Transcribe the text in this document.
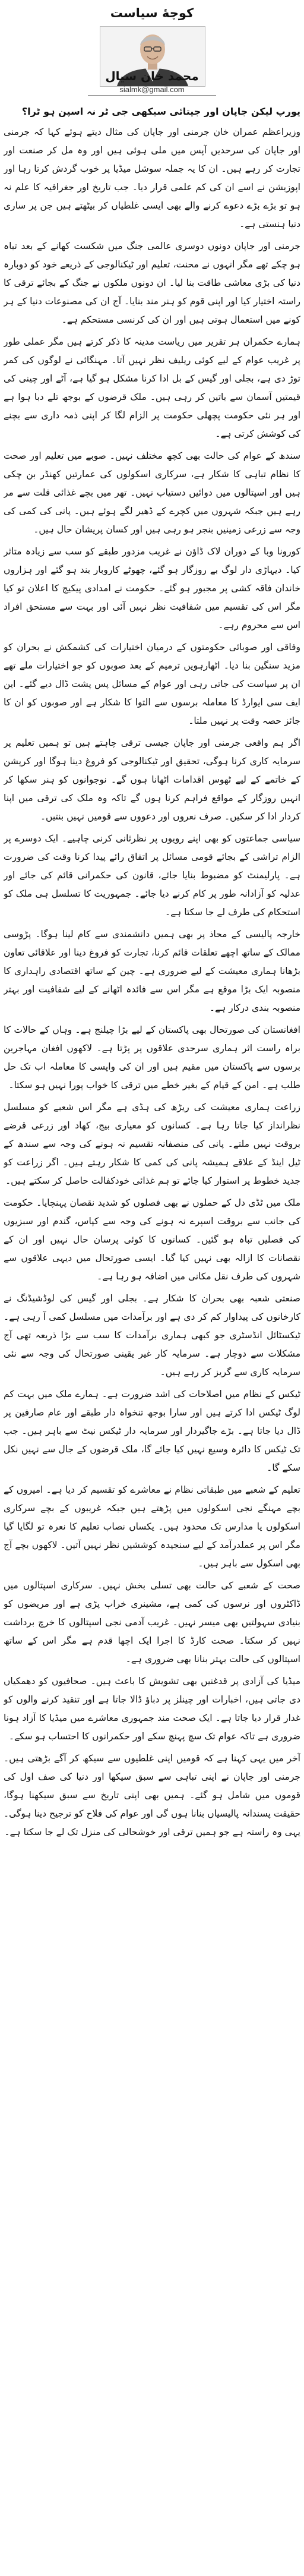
کوچۀ سیاست
محمد خان سیال
sialmk@gmail.com

یورپ لیکن جاپان اور جیتائی سیکھی جی ٹر نہ اسپن ہو ٹرا؟

وزیراعظم عمران خان جرمنی اور جاپان کی مثال دیتے ہوئے کہا کہ جرمنی اور جاپان کی سرحدیں آپس میں ملی ہوئی ہیں اور وہ مل کر صنعت اور تجارت کر رہے ہیں۔ ان کا یہ جملہ سوشل میڈیا پر خوب گردش کرتا رہا اور اپوزیشن نے اسے ان کی کم علمی قرار دیا۔ جب تاریخ اور جغرافیہ کا علم نہ ہو تو بڑے بڑے دعوے کرنے والے بھی ایسی غلطیاں کر بیٹھتے ہیں جن پر ساری دنیا ہنستی ہے۔

جرمنی اور جاپان دونوں دوسری عالمی جنگ میں شکست کھانے کے بعد تباہ ہو چکے تھے مگر انہوں نے محنت، تعلیم اور ٹیکنالوجی کے ذریعے خود کو دوبارہ دنیا کی بڑی معاشی طاقت بنا لیا۔ ان دونوں ملکوں نے جنگ کے بجائے ترقی کا راستہ اختیار کیا اور اپنی قوم کو ہنر مند بنایا۔ آج ان کی مصنوعات دنیا کے ہر کونے میں استعمال ہوتی ہیں اور ان کی کرنسی مستحکم ہے۔

ہمارے حکمران ہر تقریر میں ریاست مدینہ کا ذکر کرتے ہیں مگر عملی طور پر غریب عوام کے لیے کوئی ریلیف نظر نہیں آتا۔ مہنگائی نے لوگوں کی کمر توڑ دی ہے، بجلی اور گیس کے بل ادا کرنا مشکل ہو گیا ہے، آٹے اور چینی کی قیمتیں آسمان سے باتیں کر رہی ہیں۔ ملک قرضوں کے بوجھ تلے دبا ہوا ہے اور ہر نئی حکومت پچھلی حکومت پر الزام لگا کر اپنی ذمہ داری سے بچنے کی کوشش کرتی ہے۔

سندھ کے عوام کی حالت بھی کچھ مختلف نہیں۔ صوبے میں تعلیم اور صحت کا نظام تباہی کا شکار ہے، سرکاری اسکولوں کی عمارتیں کھنڈر بن چکی ہیں اور اسپتالوں میں دوائیں دستیاب نہیں۔ تھر میں بچے غذائی قلت سے مر رہے ہیں جبکہ شہروں میں کچرے کے ڈھیر لگے ہوئے ہیں۔ پانی کی کمی کی وجہ سے زرعی زمینیں بنجر ہو رہی ہیں اور کسان پریشان حال ہیں۔

کورونا وبا کے دوران لاک ڈاؤن نے غریب مزدور طبقے کو سب سے زیادہ متاثر کیا۔ دیہاڑی دار لوگ بے روزگار ہو گئے، چھوٹے کاروبار بند ہو گئے اور ہزاروں خاندان فاقہ کشی پر مجبور ہو گئے۔ حکومت نے امدادی پیکیج کا اعلان تو کیا مگر اس کی تقسیم میں شفافیت نظر نہیں آئی اور بہت سے مستحق افراد اس سے محروم رہے۔

وفاقی اور صوبائی حکومتوں کے درمیان اختیارات کی کشمکش نے بحران کو مزید سنگین بنا دیا۔ اٹھارہویں ترمیم کے بعد صوبوں کو جو اختیارات ملے تھے ان پر سیاست کی جاتی رہی اور عوام کے مسائل پس پشت ڈال دیے گئے۔ این ایف سی ایوارڈ کا معاملہ برسوں سے التوا کا شکار ہے اور صوبوں کو ان کا جائز حصہ وقت پر نہیں ملتا۔

اگر ہم واقعی جرمنی اور جاپان جیسی ترقی چاہتے ہیں تو ہمیں تعلیم پر سرمایہ کاری کرنا ہوگی، تحقیق اور ٹیکنالوجی کو فروغ دینا ہوگا اور کرپشن کے خاتمے کے لیے ٹھوس اقدامات اٹھانا ہوں گے۔ نوجوانوں کو ہنر سکھا کر انہیں روزگار کے مواقع فراہم کرنا ہوں گے تاکہ وہ ملک کی ترقی میں اپنا کردار ادا کر سکیں۔ صرف نعروں اور دعووں سے قومیں نہیں بنتیں۔

سیاسی جماعتوں کو بھی اپنے رویوں پر نظرثانی کرنی چاہیے۔ ایک دوسرے پر الزام تراشی کے بجائے قومی مسائل پر اتفاق رائے پیدا کرنا وقت کی ضرورت ہے۔ پارلیمنٹ کو مضبوط بنایا جائے، قانون کی حکمرانی قائم کی جائے اور عدلیہ کو آزادانہ طور پر کام کرنے دیا جائے۔ جمہوریت کا تسلسل ہی ملک کو استحکام کی طرف لے جا سکتا ہے۔

خارجہ پالیسی کے محاذ پر بھی ہمیں دانشمندی سے کام لینا ہوگا۔ پڑوسی ممالک کے ساتھ اچھے تعلقات قائم کرنا، تجارت کو فروغ دینا اور علاقائی تعاون بڑھانا ہماری معیشت کے لیے ضروری ہے۔ چین کے ساتھ اقتصادی راہداری کا منصوبہ ایک بڑا موقع ہے مگر اس سے فائدہ اٹھانے کے لیے شفافیت اور بہتر منصوبہ بندی درکار ہے۔

افغانستان کی صورتحال بھی پاکستان کے لیے بڑا چیلنج ہے۔ وہاں کے حالات کا براہ راست اثر ہماری سرحدی علاقوں پر پڑتا ہے۔ لاکھوں افغان مہاجرین برسوں سے پاکستان میں مقیم ہیں اور ان کی واپسی کا معاملہ اب تک حل طلب ہے۔ امن کے قیام کے بغیر خطے میں ترقی کا خواب پورا نہیں ہو سکتا۔

زراعت ہماری معیشت کی ریڑھ کی ہڈی ہے مگر اس شعبے کو مسلسل نظرانداز کیا جاتا رہا ہے۔ کسانوں کو معیاری بیج، کھاد اور زرعی قرضے بروقت نہیں ملتے۔ پانی کی منصفانہ تقسیم نہ ہونے کی وجہ سے سندھ کے ٹیل اینڈ کے علاقے ہمیشہ پانی کی کمی کا شکار رہتے ہیں۔ اگر زراعت کو جدید خطوط پر استوار کیا جائے تو ہم غذائی خودکفالت حاصل کر سکتے ہیں۔

ملک میں ٹڈی دل کے حملوں نے بھی فصلوں کو شدید نقصان پہنچایا۔ حکومت کی جانب سے بروقت اسپرے نہ ہونے کی وجہ سے کپاس، گندم اور سبزیوں کی فصلیں تباہ ہو گئیں۔ کسانوں کا کوئی پرسان حال نہیں اور ان کے نقصانات کا ازالہ بھی نہیں کیا گیا۔ ایسی صورتحال میں دیہی علاقوں سے شہروں کی طرف نقل مکانی میں اضافہ ہو رہا ہے۔

صنعتی شعبہ بھی بحران کا شکار ہے۔ بجلی اور گیس کی لوڈشیڈنگ نے کارخانوں کی پیداوار کم کر دی ہے اور برآمدات میں مسلسل کمی آ رہی ہے۔ ٹیکسٹائل انڈسٹری جو کبھی ہماری برآمدات کا سب سے بڑا ذریعہ تھی آج مشکلات سے دوچار ہے۔ سرمایہ کار غیر یقینی صورتحال کی وجہ سے نئی سرمایہ کاری سے گریز کر رہے ہیں۔

ٹیکس کے نظام میں اصلاحات کی اشد ضرورت ہے۔ ہمارے ملک میں بہت کم لوگ ٹیکس ادا کرتے ہیں اور سارا بوجھ تنخواہ دار طبقے اور عام صارفین پر ڈال دیا جاتا ہے۔ بڑے جاگیردار اور سرمایہ دار ٹیکس نیٹ سے باہر ہیں۔ جب تک ٹیکس کا دائرہ وسیع نہیں کیا جائے گا، ملک قرضوں کے جال سے نہیں نکل سکے گا۔

تعلیم کے شعبے میں طبقاتی نظام نے معاشرے کو تقسیم کر دیا ہے۔ امیروں کے بچے مہنگے نجی اسکولوں میں پڑھتے ہیں جبکہ غریبوں کے بچے سرکاری اسکولوں یا مدارس تک محدود ہیں۔ یکساں نصاب تعلیم کا نعرہ تو لگایا گیا مگر اس پر عملدرآمد کے لیے سنجیدہ کوششیں نظر نہیں آتیں۔ لاکھوں بچے آج بھی اسکول سے باہر ہیں۔

صحت کے شعبے کی حالت بھی تسلی بخش نہیں۔ سرکاری اسپتالوں میں ڈاکٹروں اور نرسوں کی کمی ہے، مشینری خراب پڑی ہے اور مریضوں کو بنیادی سہولتیں بھی میسر نہیں۔ غریب آدمی نجی اسپتالوں کا خرچ برداشت نہیں کر سکتا۔ صحت کارڈ کا اجرا ایک اچھا قدم ہے مگر اس کے ساتھ اسپتالوں کی حالت بہتر بنانا بھی ضروری ہے۔

میڈیا کی آزادی پر قدغنیں بھی تشویش کا باعث ہیں۔ صحافیوں کو دھمکیاں دی جاتی ہیں، اخبارات اور چینلز پر دباؤ ڈالا جاتا ہے اور تنقید کرنے والوں کو غدار قرار دیا جاتا ہے۔ ایک صحت مند جمہوری معاشرے میں میڈیا کا آزاد ہونا ضروری ہے تاکہ عوام تک سچ پہنچ سکے اور حکمرانوں کا احتساب ہو سکے۔

آخر میں یہی کہنا ہے کہ قومیں اپنی غلطیوں سے سیکھ کر آگے بڑھتی ہیں۔ جرمنی اور جاپان نے اپنی تباہی سے سبق سیکھا اور دنیا کی صف اول کی قوموں میں شامل ہو گئے۔ ہمیں بھی اپنی تاریخ سے سبق سیکھنا ہوگا، حقیقت پسندانہ پالیسیاں بنانا ہوں گی اور عوام کی فلاح کو ترجیح دینا ہوگی۔ یہی وہ راستہ ہے جو ہمیں ترقی اور خوشحالی کی منزل تک لے جا سکتا ہے۔
